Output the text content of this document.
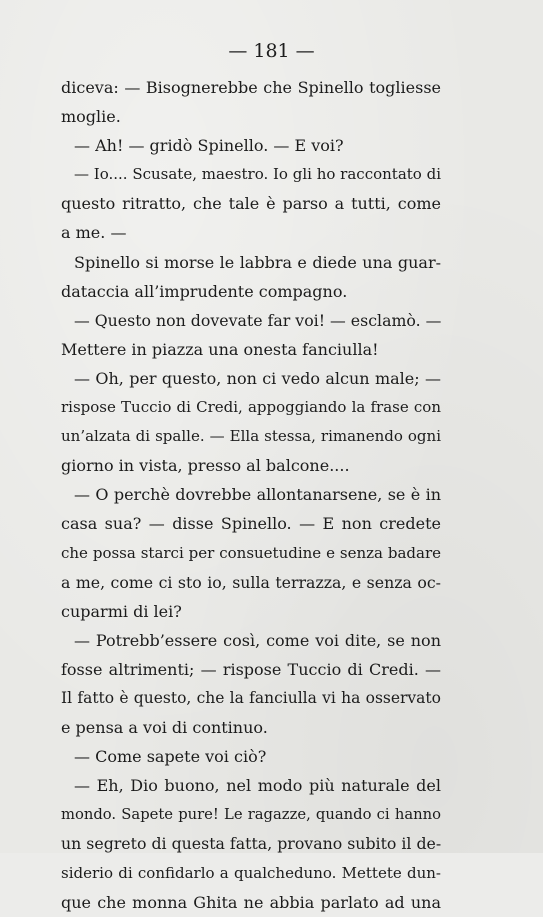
— 181 —
diceva: — Bisognerebbe che Spinello togliesse
moglie.
— Ah! — gridò Spinello. — E voi?
— Io.... Scusate, maestro. Io gli ho raccontato di
questo ritratto, che tale è parso a tutti, come
a me. —
Spinello si morse le labbra e diede una guar-
dataccia all’imprudente compagno.
— Questo non dovevate far voi! — esclamò. —
Mettere in piazza una onesta fanciulla!
— Oh, per questo, non ci vedo alcun male; —
rispose Tuccio di Credi, appoggiando la frase con
un’alzata di spalle. — Ella stessa, rimanendo ogni
giorno in vista, presso al balcone....
— O perchè dovrebbe allontanarsene, se è in
casa sua? — disse Spinello. — E non credete
che possa starci per consuetudine e senza badare
a me, come ci sto io, sulla terrazza, e senza oc-
cuparmi di lei?
— Potrebb’essere così, come voi dite, se non
fosse altrimenti; — rispose Tuccio di Credi. —
Il fatto è questo, che la fanciulla vi ha osservato
e pensa a voi di continuo.
— Come sapete voi ciò?
— Eh, Dio buono, nel modo più naturale del
mondo. Sapete pure! Le ragazze, quando ci hanno
un segreto di questa fatta, provano subito il de-
siderio di confidarlo a qualcheduno. Mettete dun-
que che monna Ghita ne abbia parlato ad una
